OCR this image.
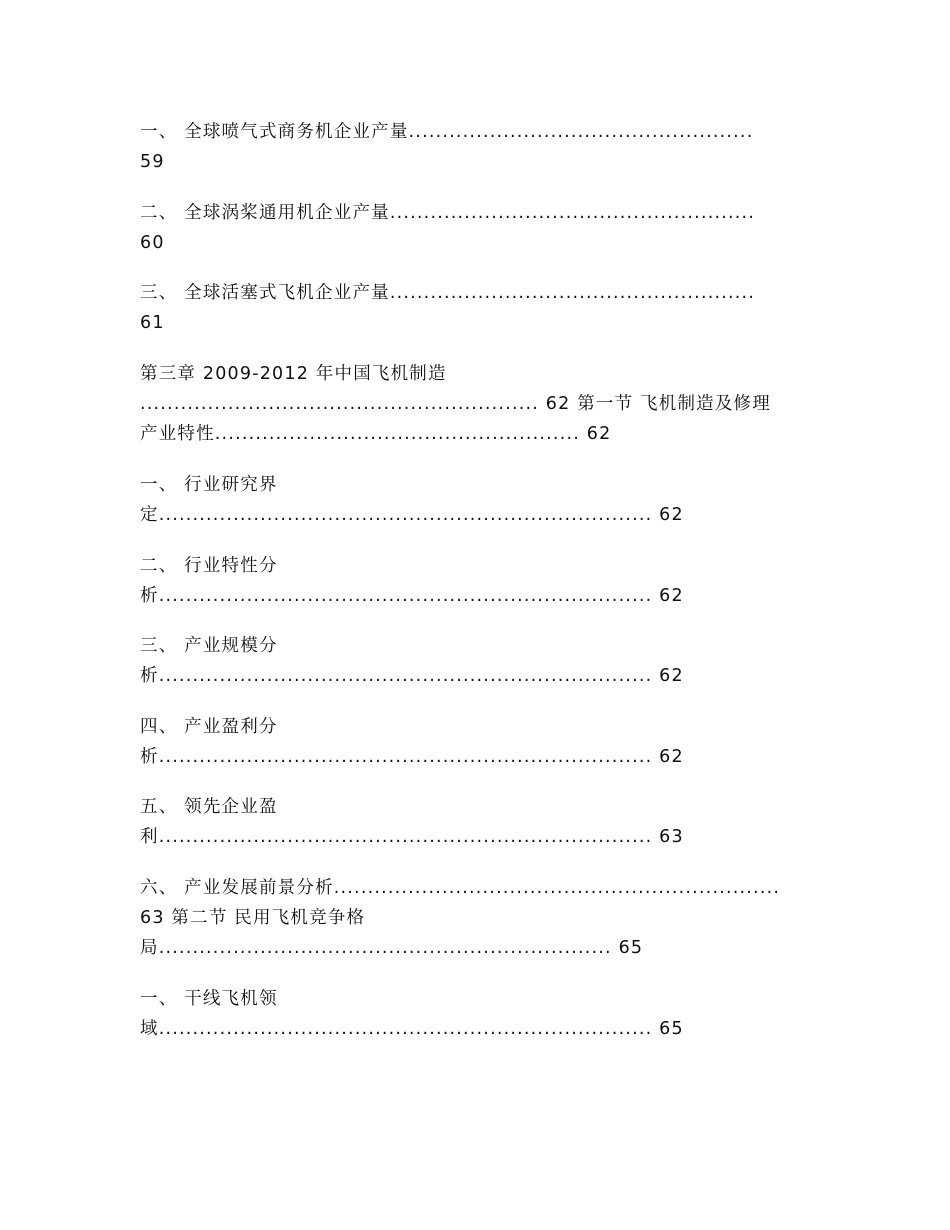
一、 全球喷气式商务机企业产量...................................................
59
二、 全球涡桨通用机企业产量......................................................
60
三、 全球活塞式飞机企业产量......................................................
61
第三章 2009-2012 年中国飞机制造
........................................................... 62 第一节 飞机制造及修理
产业特性...................................................... 62
一、 行业研究界
定......................................................................... 62
二、 行业特性分
析......................................................................... 62
三、 产业规模分
析......................................................................... 62
四、 产业盈利分
析......................................................................... 62
五、 领先企业盈
利......................................................................... 63
六、 产业发展前景分析..................................................................
63 第二节 民用飞机竞争格
局................................................................... 65
一、 干线飞机领
域......................................................................... 65
